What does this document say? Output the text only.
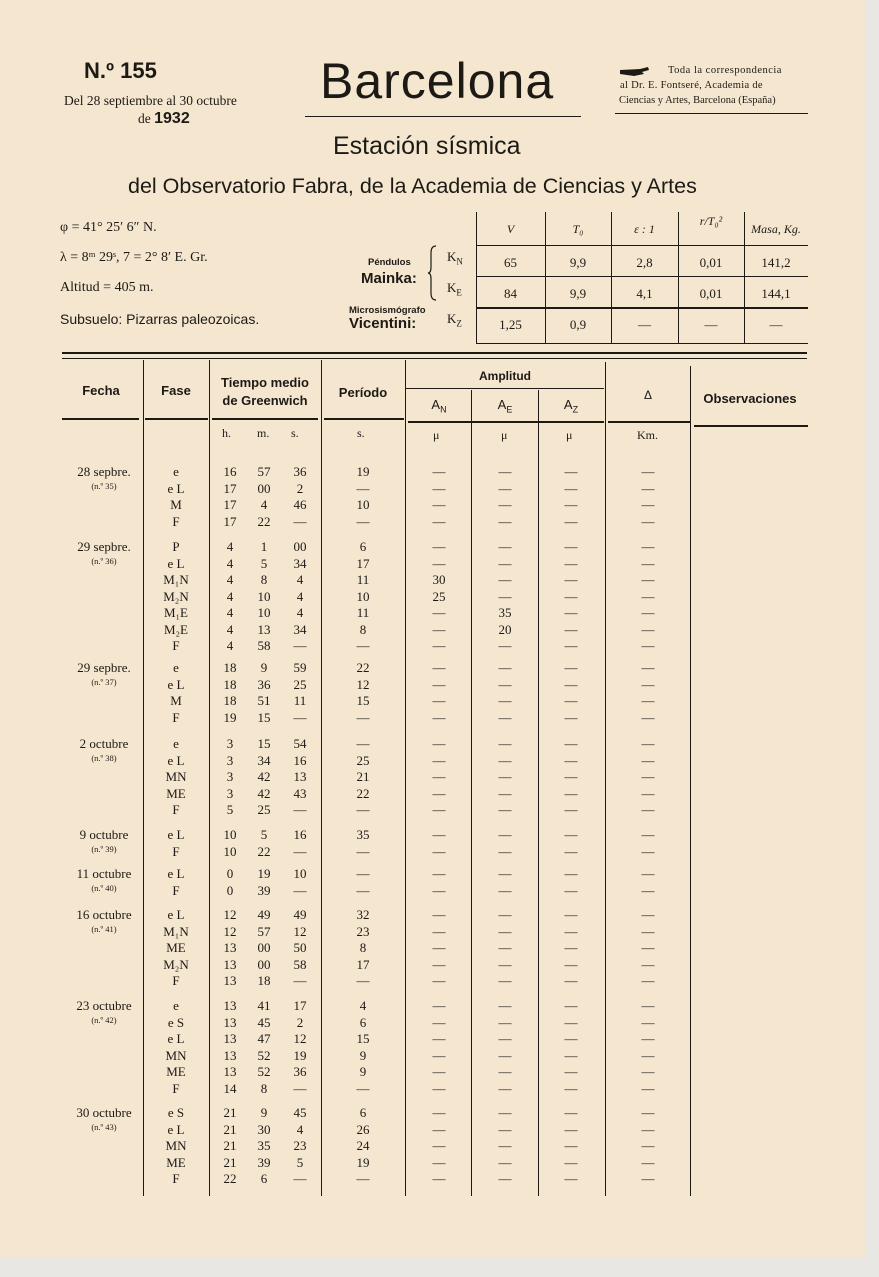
N.º 155
Del 28 septiembre al 30 octubre
de 1932
Barcelona	Toda la correspondencia
al Dr. E. Fontseré, Academia de
Ciencias y Artes, Barcelona (España)
Estación sísmica
del Observatorio Fabra, de la Academia de Ciencias y Artes
φ = 41° 25′ 6″ N.
λ = 8ᵐ 29ˢ, 7 = 2° 8′ E. Gr.
Altitud = 405 m.
Subsuelo: Pizarras paleozoicas.
Péndulos
Mainka:
Microsismógrafo
Vicentini:
V	T₀	ε : 1
r/T₀²
Masa, Kg.
$K_N$	65	9,9	2,8	0,01	141,2
$K_E$	84	9,9	4,1	0,01	144,1
$K_Z$	1,25	0,9	—	—	—
Fecha	Fase
Tiempo medio
de Greenwich
Período
Amplitud
$A_N$	$A_E$	$A_Z$
Δ	Observaciones
h. m. s.	s.	μ	μ	μ	Km.
28 sepbre.
(n.º 35)
e	16	57	36	19	—	—	—	—
e L	17	00	2	—	—	—	—	—
M	17	4	46	10	—	—	—	—
F	17	22	—	—	—	—	—	—
29 sepbre.
(n.º 36)
P	4	1	00	6	—	—	—	—
e L	4	5	34	17	—	—	—	—
M₁N	4	8	4	11	30	—	—	—
M₂N	4	10	4	10	25	—	—	—
M₁E	4	10	4	11	—	35	—	—
M₂E	4	13	34	8	—	20	—	—
F	4	58	—	—	—	—	—	—
29 sepbre.
(n.º 37)
e	18	9	59	22	—	—	—	—
e L	18	36	25	12	—	—	—	—
M	18	51	11	15	—	—	—	—
F	19	15	—	—	—	—	—	—
2 octubre
(n.º 38)
e	3	15	54	—	—	—	—	—
e L	3	34	16	25	—	—	—	—
MN	3	42	13	21	—	—	—	—
ME	3	42	43	22	—	—	—	—
F	5	25	—	—	—	—	—	—
9 octubre
(n.º 39)
e L	10	5	16	35	—	—	—	—
F	10	22	—	—	—	—	—	—
11 octubre
(n.º 40)
e L	0	19	10	—	—	—	—	—
F	0	39	—	—	—	—	—	—
16 octubre
(n.º 41)
e L	12	49	49	32	—	—	—	—
M₁N	12	57	12	23	—	—	—	—
ME	13	00	50	8	—	—	—	—
M₂N	13	00	58	17	—	—	—	—
F	13	18	—	—	—	—	—	—
23 octubre
(n.º 42)
e	13	41	17	4	—	—	—	—
e S	13	45	2	6	—	—	—	—
e L	13	47	12	15	—	—	—	—
MN	13	52	19	9	—	—	—	—
ME	13	52	36	9	—	—	—	—
F	14	8	—	—	—	—	—	—
30 octubre
(n.º 43)
e S	21	9	45	6	—	—	—	—
e L	21	30	4	26	—	—	—	—
MN	21	35	23	24	—	—	—	—
ME	21	39	5	19	—	—	—	—
F	22	6	—	—	—	—	—	—
